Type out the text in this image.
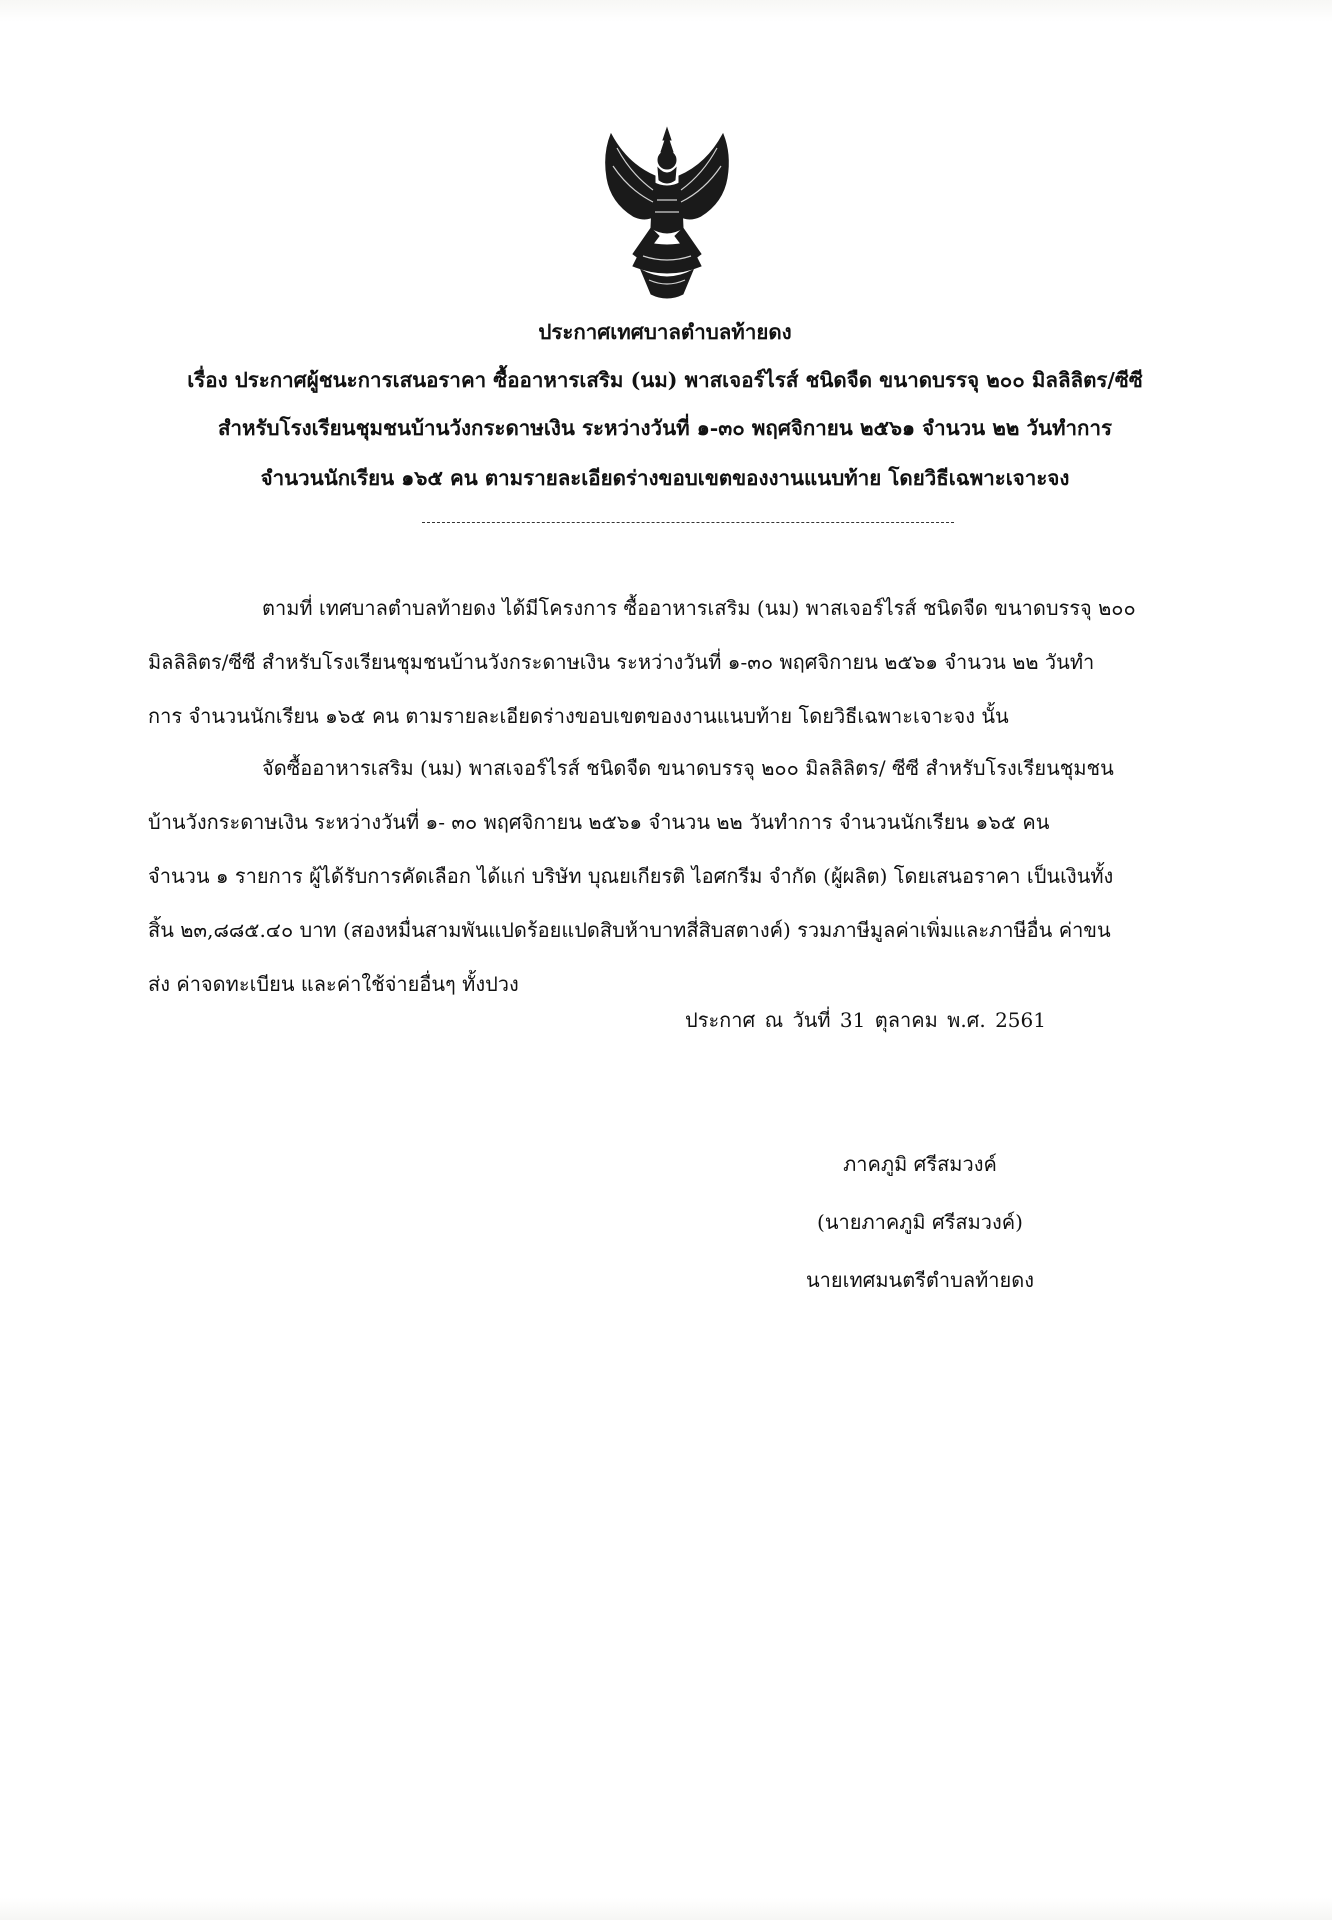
ประกาศเทศบาลตำบลท้ายดง
เรื่อง ประกาศผู้ชนะการเสนอราคา ซื้ออาหารเสริม (นม) พาสเจอร์ไรส์ ชนิดจืด ขนาดบรรจุ ๒๐๐ มิลลิลิตร/ซีซี
สำหรับโรงเรียนชุมชนบ้านวังกระดาษเงิน ระหว่างวันที่ ๑-๓๐ พฤศจิกายน ๒๕๖๑ จำนวน ๒๒ วันทำการ
จำนวนนักเรียน ๑๖๕ คน ตามรายละเอียดร่างขอบเขตของงานแนบท้าย โดยวิธีเฉพาะเจาะจง
ตามที่ เทศบาลตำบลท้ายดง ได้มีโครงการ ซื้ออาหารเสริม (นม) พาสเจอร์ไรส์ ชนิดจืด ขนาดบรรจุ ๒๐๐
มิลลิลิตร/ซีซี สำหรับโรงเรียนชุมชนบ้านวังกระดาษเงิน ระหว่างวันที่ ๑-๓๐ พฤศจิกายน ๒๕๖๑ จำนวน ๒๒ วันทำ
การ จำนวนนักเรียน ๑๖๕ คน ตามรายละเอียดร่างขอบเขตของงานแนบท้าย โดยวิธีเฉพาะเจาะจง นั้น
จัดซื้ออาหารเสริม (นม) พาสเจอร์ไรส์ ชนิดจืด ขนาดบรรจุ ๒๐๐ มิลลิลิตร/ ซีซี สำหรับโรงเรียนชุมชน
บ้านวังกระดาษเงิน ระหว่างวันที่ ๑- ๓๐ พฤศจิกายน ๒๕๖๑ จำนวน ๒๒ วันทำการ จำนวนนักเรียน ๑๖๕ คน
จำนวน ๑ รายการ ผู้ได้รับการคัดเลือก ได้แก่ บริษัท บุณยเกียรติ ไอศกรีม จำกัด (ผู้ผลิต) โดยเสนอราคา เป็นเงินทั้ง
สิ้น ๒๓,๘๘๕.๔๐ บาท (สองหมื่นสามพันแปดร้อยแปดสิบห้าบาทสี่สิบสตางค์) รวมภาษีมูลค่าเพิ่มและภาษีอื่น ค่าขน
ส่ง ค่าจดทะเบียน และค่าใช้จ่ายอื่นๆ ทั้งปวง
ประกาศ ณ วันที่ 31 ตุลาคม พ.ศ. 2561
ภาคภูมิ ศรีสมวงค์
(นายภาคภูมิ ศรีสมวงค์)
นายเทศมนตรีตำบลท้ายดง
